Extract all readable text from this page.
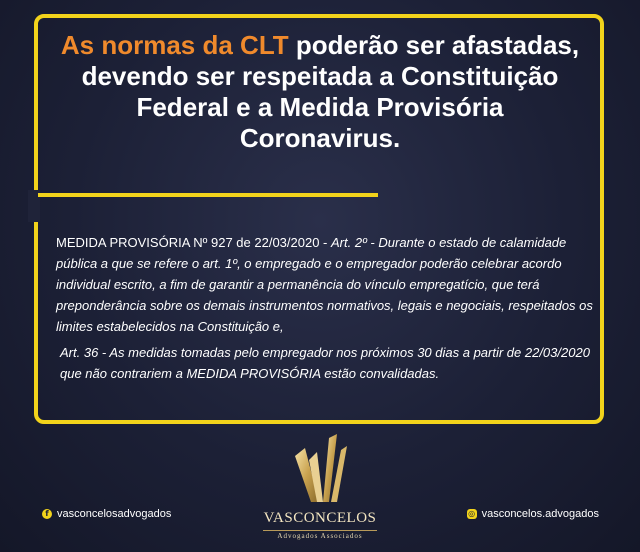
As normas da CLT poderão ser afastadas, devendo ser respeitada a Constituição Federal e a Medida Provisória Coronavirus.

MEDIDA PROVISÓRIA Nº 927 de 22/03/2020 - Art. 2º - Durante o estado de calamidade pública a que se refere o art. 1º, o empregado e o empregador poderão celebrar acordo individual escrito, a fim de garantir a permanência do vínculo empregatício, que terá preponderância sobre os demais instrumentos normativos, legais e negociais, respeitados os limites estabelecidos na Constituição e,

Art. 36 - As medidas tomadas pelo empregador nos próximos 30 dias a partir de 22/03/2020 que não contrariem a MEDIDA PROVISÓRIA estão convalidadas.

VASCONCELOS
Advogados Associados
f vasconcelosadvogados	◎ vasconcelos.advogados
